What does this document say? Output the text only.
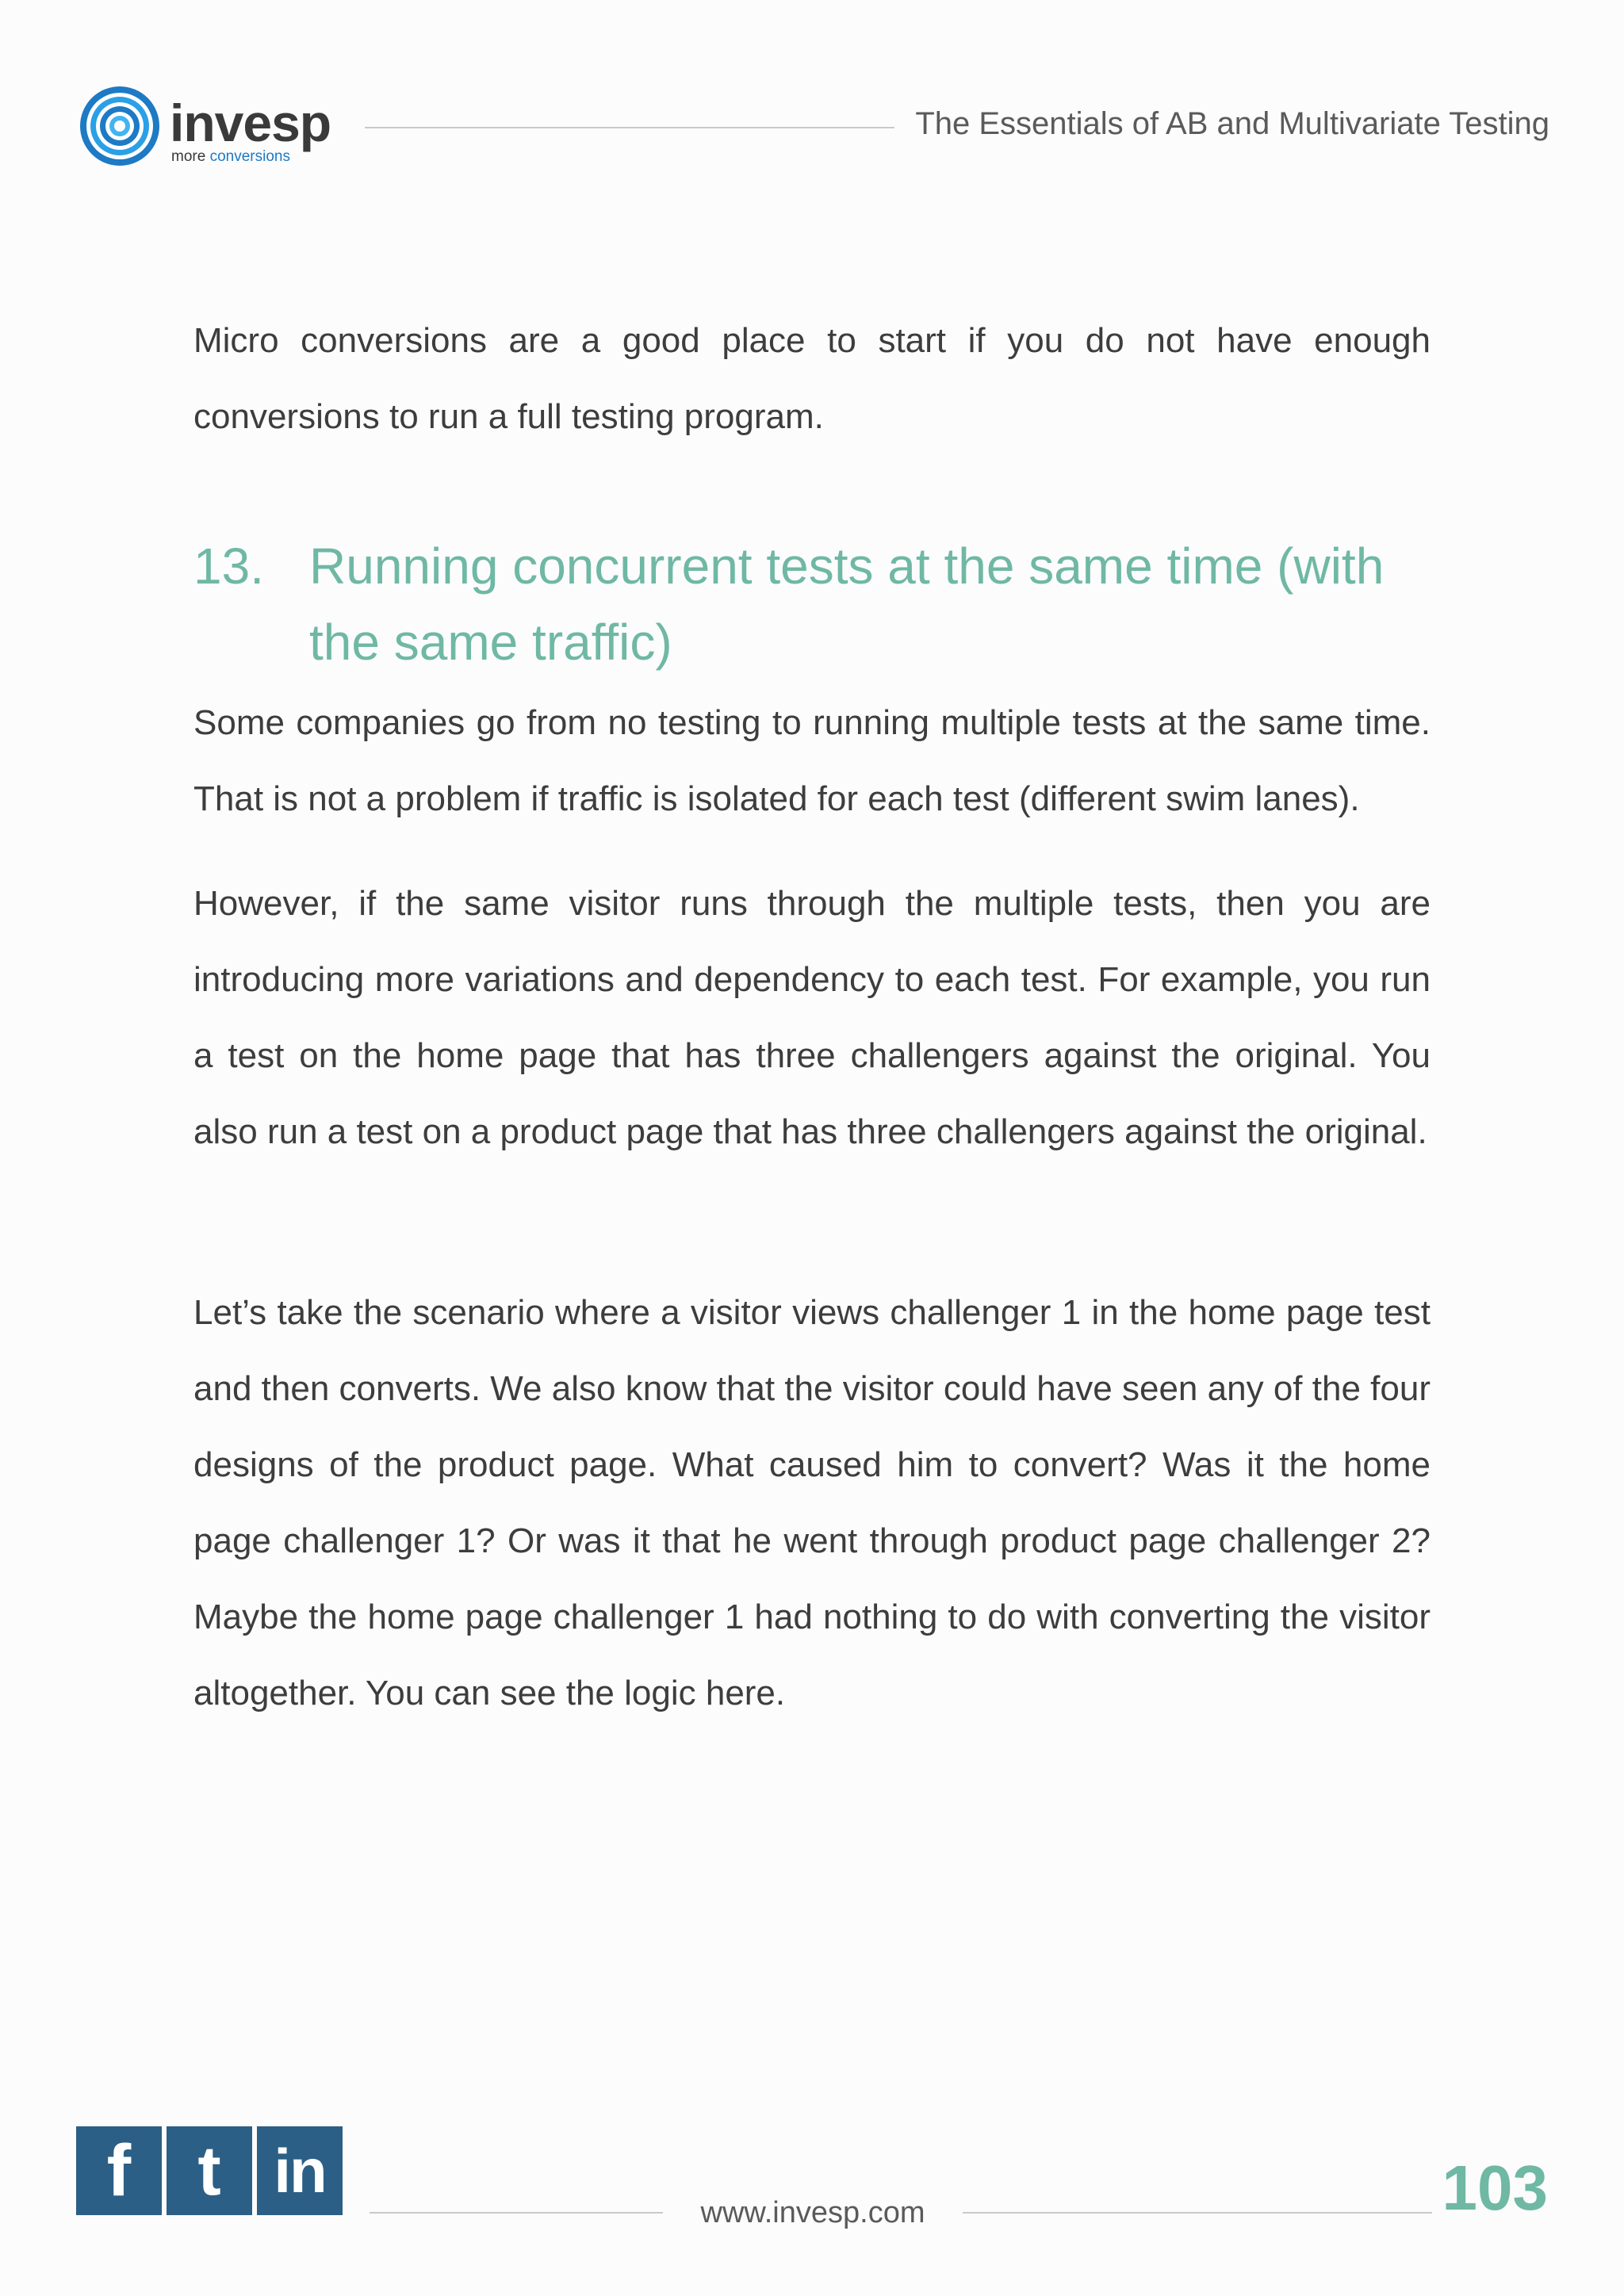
invesp
more conversions
The Essentials of AB and Multivariate Testing

Micro conversions are a good place to start if you do not have enough conversions to run a full testing program.

13. Running concurrent tests at the same time (with the same traffic)

Some companies go from no testing to running multiple tests at the same time. That is not a problem if traffic is isolated for each test (different swim lanes).

However, if the same visitor runs through the multiple tests, then you are introducing more variations and dependency to each test. For example, you run a test on the home page that has three challengers against the original. You also run a test on a product page that has three challengers against the original.

Let’s take the scenario where a visitor views challenger 1 in the home page test and then converts. We also know that the visitor could have seen any of the four designs of the product page. What caused him to convert? Was it the home page challenger 1? Or was it that he went through product page challenger 2? Maybe the home page challenger 1 had nothing to do with converting the visitor altogether. You can see the logic here.

f t in
www.invesp.com	103
